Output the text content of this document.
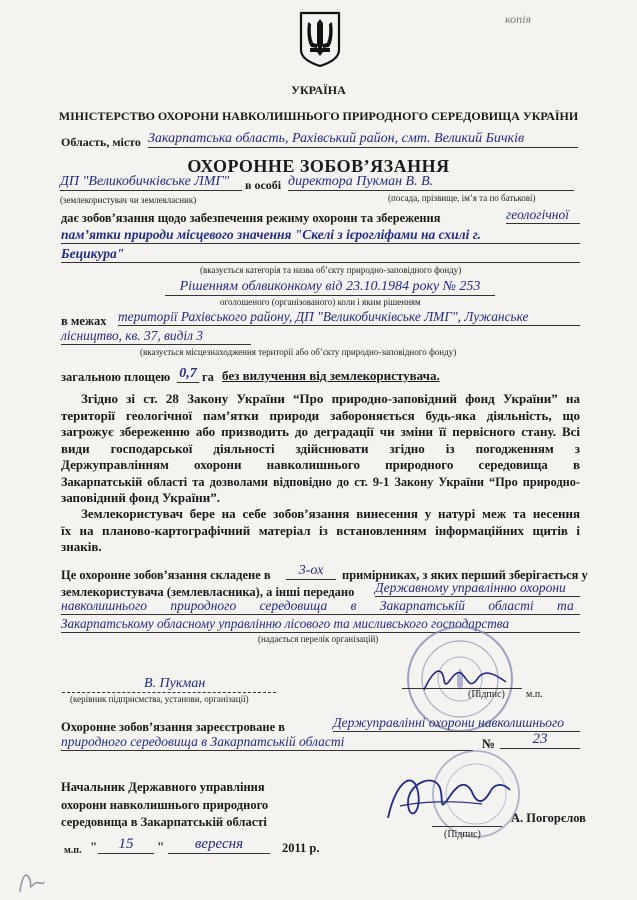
копія
УКРАЇНА
МІНІСТЕРСТВО ОХОРОНИ НАВКОЛИШНЬОГО ПРИРОДНОГО СЕРЕДОВИЩА УКРАЇНИ
Область, місто Закарпатська область, Рахівський район, смт. Великий Бичків
ОХОРОННЕ ЗОБОВ’ЯЗАННЯ
ДП "Великобичківське ЛМГ"	в особі директора Пукман В. В.
(землекористувач чи землевласник)	(посада, прізвище, ім’я та по батькові)
дає зобов’язання щодо забезпечення режиму охорони та збереження	геологічної
пам’ятки природи місцевого значення "Скелі з ієрогліфами на схилі г.
Бецикура"
(вказується категорія та назва об’єкту природно-заповідного фонду)
Рішенням облвиконкому від 23.10.1984 року № 253
оголошеного (організованого) коли і яким рішенням
в межах території Рахівського району, ДП "Великобичківське ЛМГ", Лужанське
лісництво, кв. 37, виділ 3
(вказується місцезнаходження території або об’єкту природно-заповідного фонду)
загальною площею 0,7 га без вилучення від землекористувача.
Згідно зі ст. 28 Закону України “Про природно-заповідний фонд України” на
території геологічної пам’ятки природи забороняється будь-яка діяльність, що
загрожує збереженню або призводить до деградації чи зміни її первісного стану. Всі
види господарської діяльності здійснювати згідно із погодженням з
Держуправлінням охорони навколишнього природного середовища в
Закарпатській області та дозволами відповідно до ст. 9-1 Закону України “Про природно-
заповідний фонд України”.
Землекористувач бере на себе зобов’язання винесення у натурі меж та несення
їх на планово-картографічний матеріал із встановленням інформаційних щитів і
знаків.
Це охоронне зобов’язання складене в	3-ох	примірниках, з яких перший зберігається у
землекористувача (землевласника), а інші передано Державному управлінню охорони
навколишнього природного середовища в Закарпатській області та
Закарпатському обласному управлінню лісового та мисливського господарства
(надається перелік організацій)
В. Пукман
(керівник підприємства, установи, організації)	(Підпис) м.п.
Охоронне зобов’язання зареєстроване в	Держуправлінні охорони навколишнього
природного середовища в Закарпатській області	№	23
Начальник Державного управління
охорони навколишнього природного
середовища в Закарпатській області
(Підпис)
А. Погорєлов
м.п. "	15	"	вересня	2011 р.
